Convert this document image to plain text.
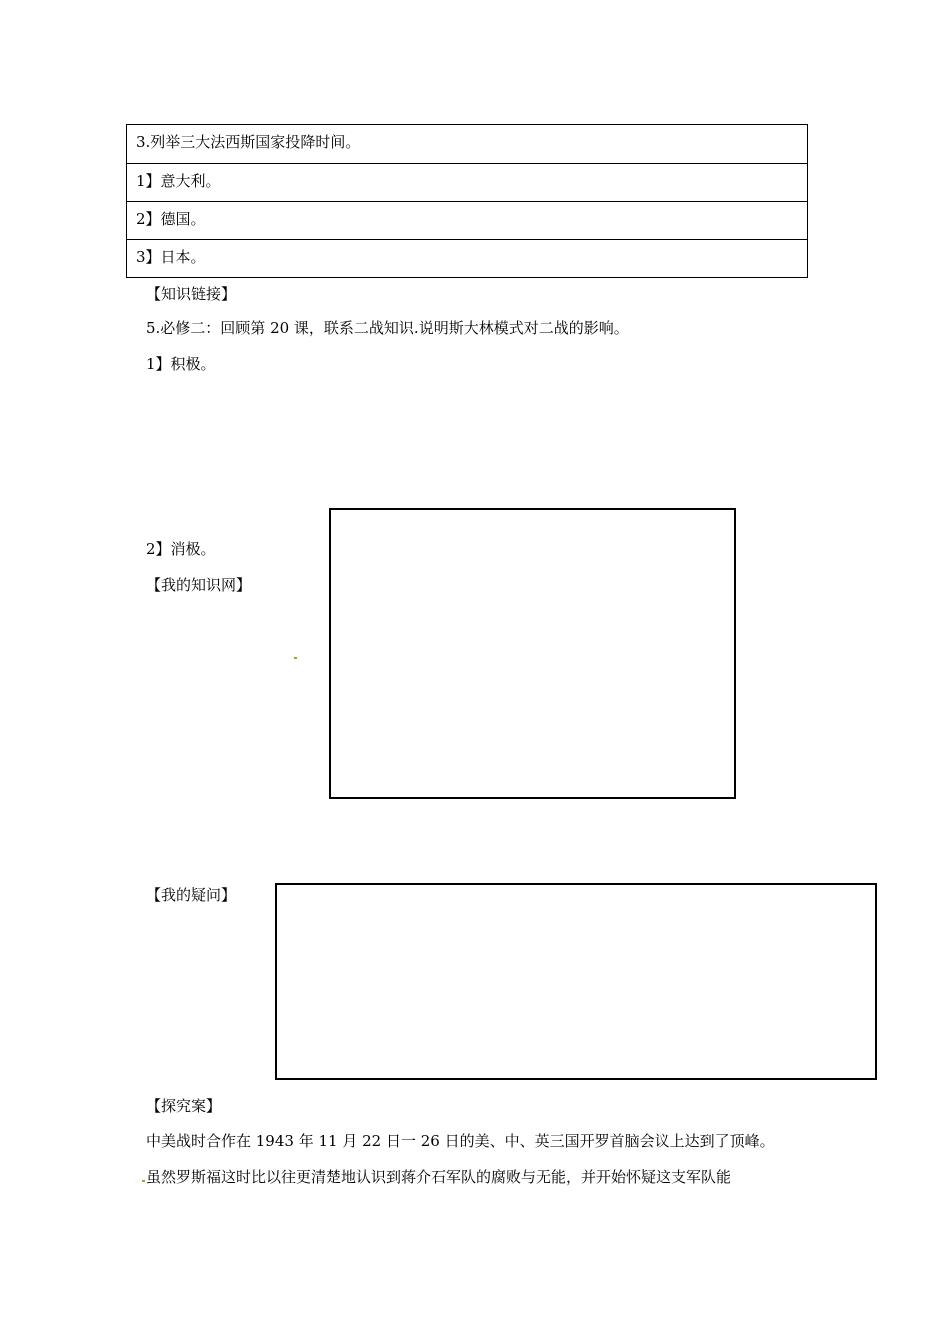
3.列举三大法西斯国家投降时间。
1】意大利。
2】德国。
3】日本。
【知识链接】
5.必修二：回顾第 20 课，联系二战知识.说明斯大林模式对二战的影响。
1】积极。
2】消极。
【我的知识网】
【我的疑问】
【探究案】
中美战时合作在 1943 年 11 月 22 日一 26 日的美、中、英三国开罗首脑会议上达到了顶峰。
虽然罗斯福这时比以往更清楚地认识到蒋介石军队的腐败与无能，并开始怀疑这支军队能
